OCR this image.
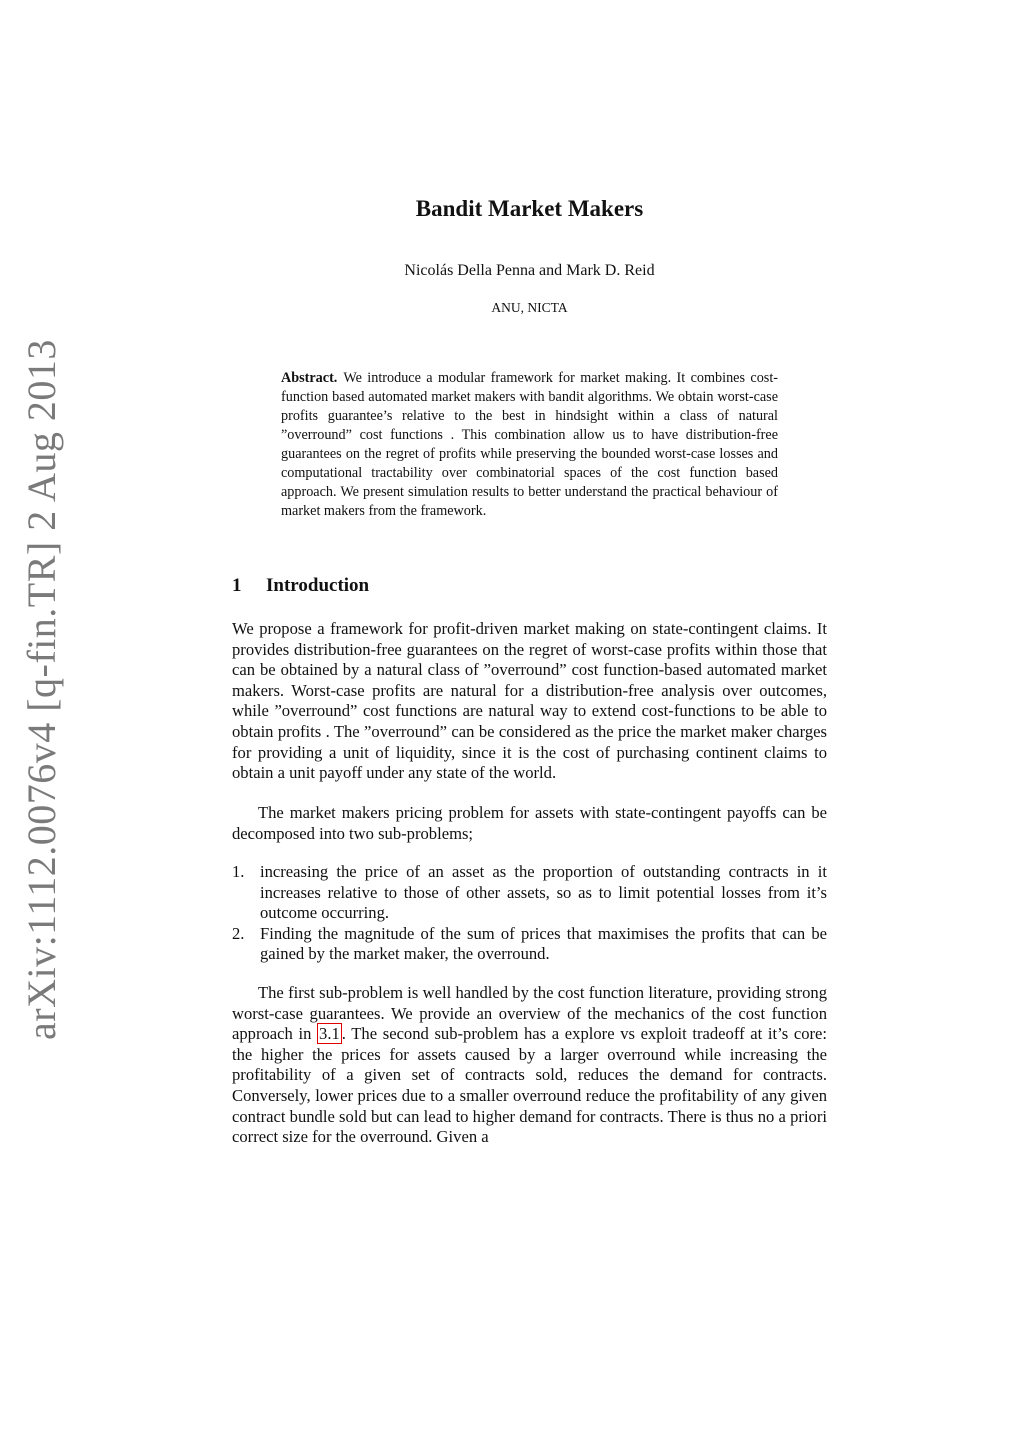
arXiv:1112.0076v4 [q-fin.TR] 2 Aug 2013
Bandit Market Makers
Nicolás Della Penna and Mark D. Reid
ANU, NICTA
Abstract. We introduce a modular framework for market making. It combines cost-function based automated market makers with bandit algorithms. We obtain worst-case profits guarantee’s relative to the best in hindsight within a class of natural ”overround” cost functions . This combination allow us to have distribution-free guarantees on the regret of profits while preserving the bounded worst-case losses and computational tractability over combinatorial spaces of the cost function based approach. We present simulation results to better understand the practical behaviour of market makers from the framework.
1 Introduction
We propose a framework for profit-driven market making on state-contingent claims. It provides distribution-free guarantees on the regret of worst-case profits within those that can be obtained by a natural class of ”overround” cost function-based automated market makers. Worst-case profits are natural for a distribution-free analysis over outcomes, while ”overround” cost functions are natural way to extend cost-functions to be able to obtain profits . The ”overround” can be considered as the price the market maker charges for providing a unit of liquidity, since it is the cost of purchasing continent claims to obtain a unit payoff under any state of the world.
The market makers pricing problem for assets with state-contingent payoffs can be decomposed into two sub-problems;
1. increasing the price of an asset as the proportion of outstanding contracts in it increases relative to those of other assets, so as to limit potential losses from it’s outcome occurring.
2. Finding the magnitude of the sum of prices that maximises the profits that can be gained by the market maker, the overround.
The first sub-problem is well handled by the cost function literature, providing strong worst-case guarantees. We provide an overview of the mechanics of the cost function approach in 3.1 . The second sub-problem has a explore vs exploit tradeoff at it’s core: the higher the prices for assets caused by a larger overround while increasing the profitability of a given set of contracts sold, reduces the demand for contracts. Conversely, lower prices due to a smaller overround reduce the profitability of any given contract bundle sold but can lead to higher demand for contracts. There is thus no a priori correct size for the overround. Given a
